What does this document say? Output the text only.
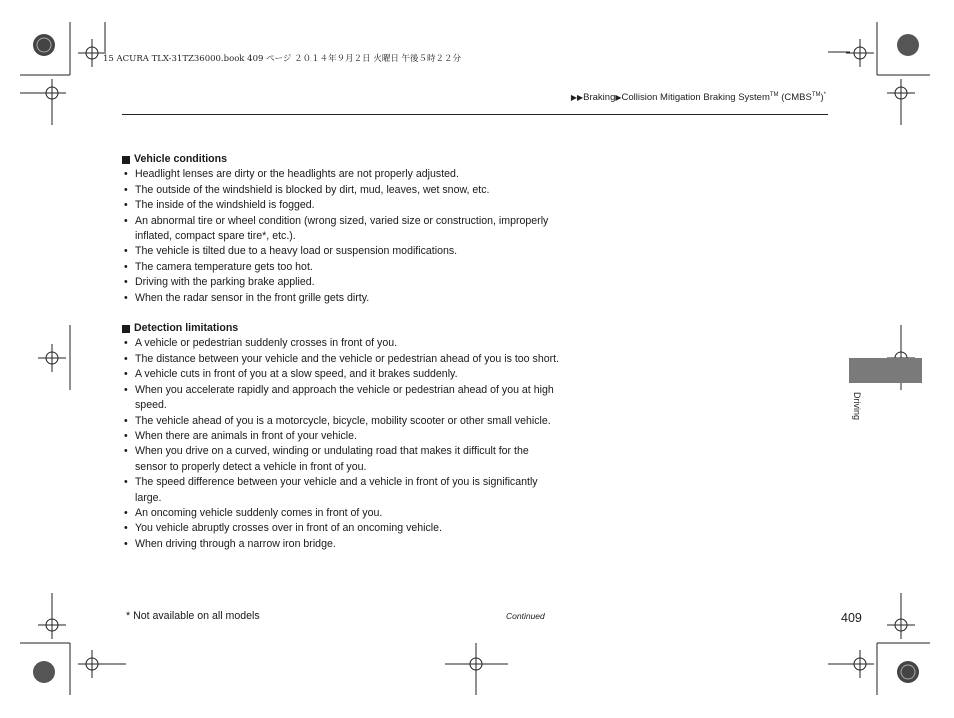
15 ACURA TLX-31TZ36000.book 409 ページ ２０１４年９月２日 火曜日 午後５時２２分
▶▶Braking▶Collision Mitigation Braking System™ (CMBS™)*
Vehicle conditions
• Headlight lenses are dirty or the headlights are not properly adjusted.
• The outside of the windshield is blocked by dirt, mud, leaves, wet snow, etc.
• The inside of the windshield is fogged.
• An abnormal tire or wheel condition (wrong sized, varied size or construction, improperly inflated, compact spare tire*, etc.).
• The vehicle is tilted due to a heavy load or suspension modifications.
• The camera temperature gets too hot.
• Driving with the parking brake applied.
• When the radar sensor in the front grille gets dirty.
Detection limitations
• A vehicle or pedestrian suddenly crosses in front of you.
• The distance between your vehicle and the vehicle or pedestrian ahead of you is too short.
• A vehicle cuts in front of you at a slow speed, and it brakes suddenly.
• When you accelerate rapidly and approach the vehicle or pedestrian ahead of you at high speed.
• The vehicle ahead of you is a motorcycle, bicycle, mobility scooter or other small vehicle.
• When there are animals in front of your vehicle.
• When you drive on a curved, winding or undulating road that makes it difficult for the sensor to properly detect a vehicle in front of you.
• The speed difference between your vehicle and a vehicle in front of you is significantly large.
• An oncoming vehicle suddenly comes in front of you.
• You vehicle abruptly crosses over in front of an oncoming vehicle.
• When driving through a narrow iron bridge.
Driving
* Not available on all models	Continued	409
